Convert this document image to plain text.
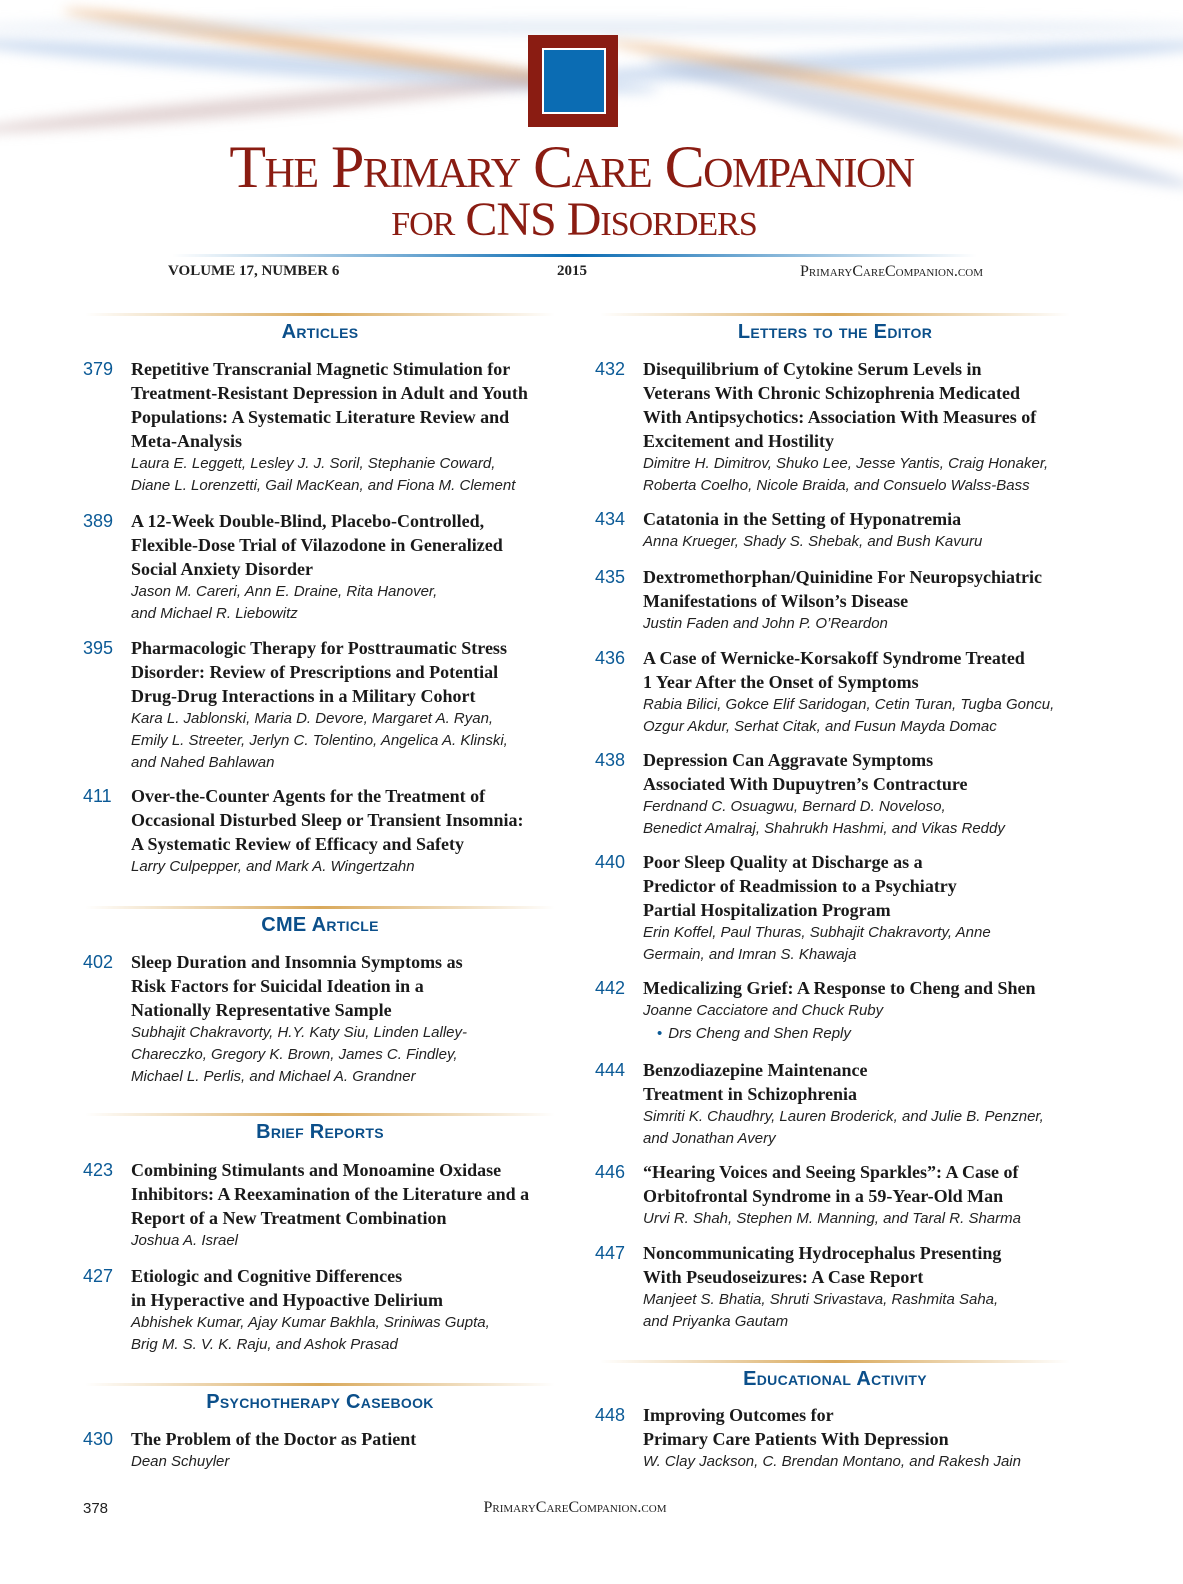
The Primary Care Companion
for CNS Disorders
VOLUME 17, NUMBER 6	2015	PrimaryCareCompanion.com
Articles
379 Repetitive Transcranial Magnetic Stimulation for
Treatment-Resistant Depression in Adult and Youth
Populations: A Systematic Literature Review and
Meta-Analysis
Laura E. Leggett, Lesley J. J. Soril, Stephanie Coward,
Diane L. Lorenzetti, Gail MacKean, and Fiona M. Clement
389 A 12-Week Double-Blind, Placebo-Controlled,
Flexible-Dose Trial of Vilazodone in Generalized
Social Anxiety Disorder
Jason M. Careri, Ann E. Draine, Rita Hanover,
and Michael R. Liebowitz
395 Pharmacologic Therapy for Posttraumatic Stress
Disorder: Review of Prescriptions and Potential
Drug-Drug Interactions in a Military Cohort
Kara L. Jablonski, Maria D. Devore, Margaret A. Ryan,
Emily L. Streeter, Jerlyn C. Tolentino, Angelica A. Klinski,
and Nahed Bahlawan
411 Over-the-Counter Agents for the Treatment of
Occasional Disturbed Sleep or Transient Insomnia:
A Systematic Review of Efficacy and Safety
Larry Culpepper, and Mark A. Wingertzahn
CME Article
402 Sleep Duration and Insomnia Symptoms as
Risk Factors for Suicidal Ideation in a
Nationally Representative Sample
Subhajit Chakravorty, H.Y. Katy Siu, Linden Lalley-
Chareczko, Gregory K. Brown, James C. Findley,
Michael L. Perlis, and Michael A. Grandner
Brief Reports
423 Combining Stimulants and Monoamine Oxidase
Inhibitors: A Reexamination of the Literature and a
Report of a New Treatment Combination
Joshua A. Israel
427 Etiologic and Cognitive Differences
in Hyperactive and Hypoactive Delirium
Abhishek Kumar, Ajay Kumar Bakhla, Sriniwas Gupta,
Brig M. S. V. K. Raju, and Ashok Prasad
Psychotherapy Casebook
430 The Problem of the Doctor as Patient
Dean Schuyler
Letters to the Editor
432 Disequilibrium of Cytokine Serum Levels in
Veterans With Chronic Schizophrenia Medicated
With Antipsychotics: Association With Measures of
Excitement and Hostility
Dimitre H. Dimitrov, Shuko Lee, Jesse Yantis, Craig Honaker,
Roberta Coelho, Nicole Braida, and Consuelo Walss-Bass
434 Catatonia in the Setting of Hyponatremia
Anna Krueger, Shady S. Shebak, and Bush Kavuru
435 Dextromethorphan/Quinidine For Neuropsychiatric
Manifestations of Wilson’s Disease
Justin Faden and John P. O’Reardon
436 A Case of Wernicke-Korsakoff Syndrome Treated
1 Year After the Onset of Symptoms
Rabia Bilici, Gokce Elif Saridogan, Cetin Turan, Tugba Goncu,
Ozgur Akdur, Serhat Citak, and Fusun Mayda Domac
438 Depression Can Aggravate Symptoms
Associated With Dupuytren’s Contracture
Ferdnand C. Osuagwu, Bernard D. Noveloso,
Benedict Amalraj, Shahrukh Hashmi, and Vikas Reddy
440 Poor Sleep Quality at Discharge as a
Predictor of Readmission to a Psychiatry
Partial Hospitalization Program
Erin Koffel, Paul Thuras, Subhajit Chakravorty, Anne
Germain, and Imran S. Khawaja
442 Medicalizing Grief: A Response to Cheng and Shen
Joanne Cacciatore and Chuck Ruby
• Drs Cheng and Shen Reply
444 Benzodiazepine Maintenance
Treatment in Schizophrenia
Simriti K. Chaudhry, Lauren Broderick, and Julie B. Penzner,
and Jonathan Avery
446 “Hearing Voices and Seeing Sparkles”: A Case of
Orbitofrontal Syndrome in a 59-Year-Old Man
Urvi R. Shah, Stephen M. Manning, and Taral R. Sharma
447 Noncommunicating Hydrocephalus Presenting
With Pseudoseizures: A Case Report
Manjeet S. Bhatia, Shruti Srivastava, Rashmita Saha,
and Priyanka Gautam
Educational Activity
448 Improving Outcomes for
Primary Care Patients With Depression
W. Clay Jackson, C. Brendan Montano, and Rakesh Jain
378	PrimaryCareCompanion.com
